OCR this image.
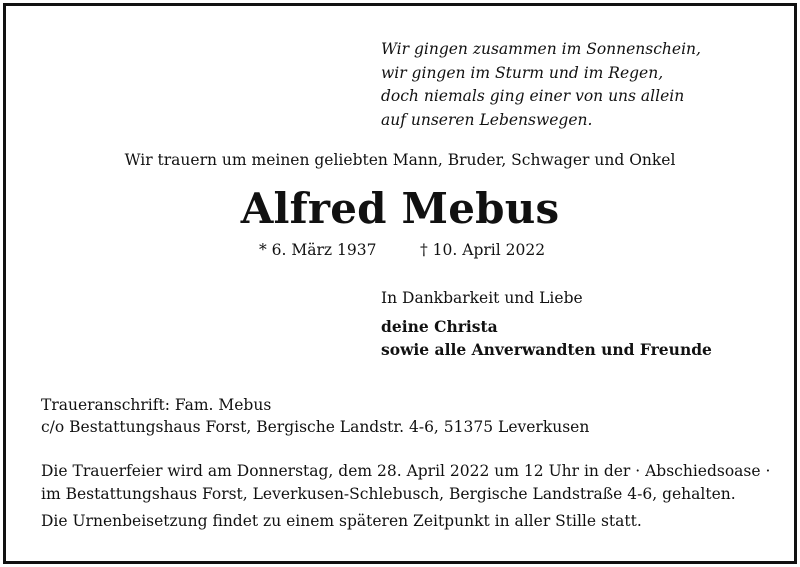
Wir gingen zusammen im Sonnenschein,
wir gingen im Sturm und im Regen,
doch niemals ging einer von uns allein
auf unseren Lebenswegen.
Wir trauern um meinen geliebten Mann, Bruder, Schwager und Onkel
Alfred Mebus
* 6. März 1937	† 10. April 2022
In Dankbarkeit und Liebe
deine Christa
sowie alle Anverwandten und Freunde
Traueranschrift: Fam. Mebus
c/o Bestattungshaus Forst, Bergische Landstr. 4-6, 51375 Leverkusen
Die Trauerfeier wird am Donnerstag, dem 28. April 2022 um 12 Uhr in der · Abschiedsoase ·
im Bestattungshaus Forst, Leverkusen-Schlebusch, Bergische Landstraße 4-6, gehalten.
Die Urnenbeisetzung findet zu einem späteren Zeitpunkt in aller Stille statt.
